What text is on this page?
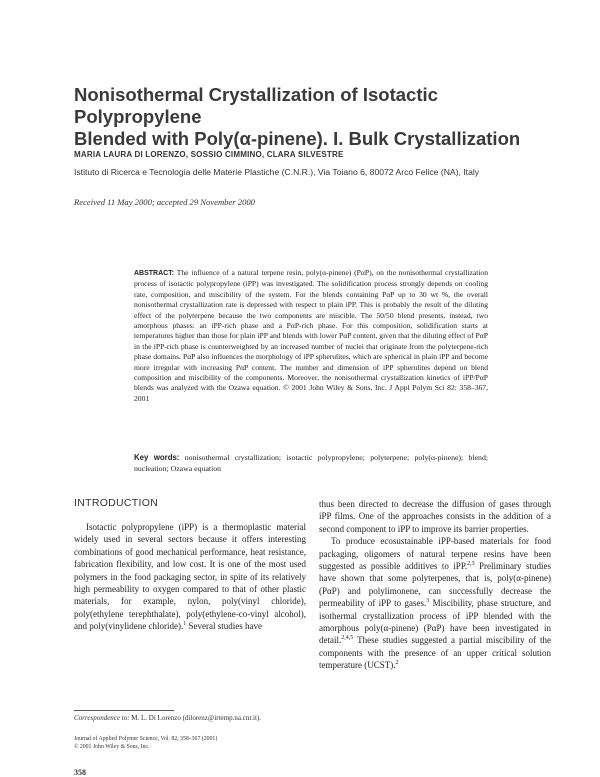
Nonisothermal Crystallization of Isotactic Polypropylene
Blended with Poly(α-pinene). I. Bulk Crystallization
MARIA LAURA DI LORENZO, SOSSIO CIMMINO, CLARA SILVESTRE
Istituto di Ricerca e Tecnologia delle Materie Plastiche (C.N.R.), Via Toiano 6, 80072 Arco Felice (NA), Italy
Received 11 May 2000; accepted 29 November 2000
ABSTRACT: The influence of a natural terpene resin, poly(α-pinene) (PαP), on the nonisothermal crystallization process of isotactic polypropylene (iPP) was investigated. The solidification process strongly depends on cooling rate, composition, and miscibility of the system. For the blends containing PαP up to 30 wt %, the overall nonisothermal crystallization rate is depressed with respect to plain iPP. This is probably the result of the diluting effect of the polyterpene because the two components are miscible. The 50/50 blend presents, instead, two amorphous phases: an iPP-rich phase and a PαP-rich phase. For this composition, solidification starts at temperatures higher than those for plain iPP and blends with lower PαP content, given that the diluting effect of PαP in the iPP-rich phase is counterweighted by an increased number of nuclei that originate from the polyterpene-rich phase domains. PαP also influences the morphology of iPP spherulites, which are spherical in plain iPP and become more irregular with increasing PαP content. The number and dimension of iPP spherulites depend on blend composition and miscibility of the components. Moreover, the nonisothermal crystallization kinetics of iPP/PαP blends was analyzed with the Ozawa equation. © 2001 John Wiley & Sons, Inc. J Appl Polym Sci 82: 358–367, 2001
Key words: nonisothermal crystallization; isotactic polypropylene; polyterpene; poly(α-pinene); blend; nucleation; Ozawa equation
INTRODUCTION

Isotactic polypropylene (iPP) is a thermoplastic material widely used in several sectors because it offers interesting combinations of good mechanical performance, heat resistance, fabrication flexibility, and low cost. It is one of the most used polymers in the food packaging sector, in spite of its relatively high permeability to oxygen compared to that of other plastic materials, for example, nylon, poly(vinyl chloride), poly(ethylene terephthalate), poly(ethylene-co-vinyl alcohol), and poly(vinylidene chloride).$^1$ Several studies have

thus been directed to decrease the diffusion of gases through iPP films. One of the approaches consists in the addition of a second component to iPP to improve its barrier properties.

To produce ecosustainable iPP-based materials for food packaging, oligomers of natural terpene resins have been suggested as possible additives to iPP.$^{2,3}$ Preliminary studies have shown that some polyterpenes, that is, poly(α-pinene) (PαP) and polylimonene, can successfully decrease the permeability of iPP to gases.$^3$ Miscibility, phase structure, and isothermal crystallization process of iPP blended with the amorphous poly(α-pinene) (PαP) have been investigated in detail.$^{2,4,5}$ These studies suggested a partial miscibility of the components with the presence of an upper critical solution temperature (UCST).$^2$

Correspondence to: M. L. Di Lorenzo (dilorenz@irtemp.na.cnr.it).
Journal of Applied Polymer Science, Vol. 82, 358–367 (2001)
© 2001 John Wiley & Sons, Inc.
358
